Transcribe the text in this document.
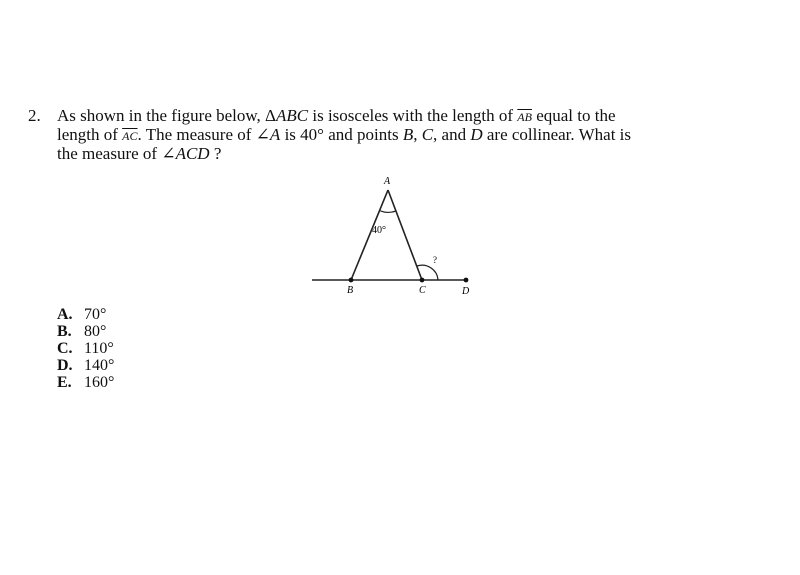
2. As shown in the figure below, ΔABC is isosceles with the length of $\overline{AB}$ equal to the
length of $\overline{AC}$. The measure of ∠A is 40° and points B, C, and D are collinear. What is
the measure of ∠ACD ?
A
B	C	D
40°
?
A. 70°
B. 80°
C. 110°
D. 140°
E. 160°
